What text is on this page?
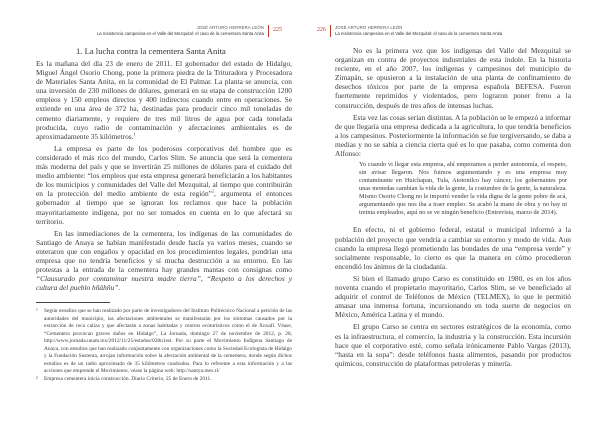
JOSÉ ARTURO HERRERA LEÓN
La resistencia campesina en el Valle del Mezquital: el caso de la cementera Santa Anita
225
1. La lucha contra la cementera Santa Anita

Es la mañana del día 23 de enero de 2011. El gobernador del estado de Hidalgo, Miguel Ángel Osorio Chong, pone la primera piedra de la Trituradora y Procesadora de Materiales Santa Anita, en la comunidad de El Palmar. La planta se anuncia, con una inversión de 230 millones de dólares, generará en su etapa de construcción 1200 empleos y 150 empleos directos y 400 indirectos cuando entre en operaciones. Se extiende en una área de 372 ha, destinadas para producir cinco mil toneladas de cemento diariamente, y requiere de tres mil litros de agua por cada tonelada producida, cuyo radio de contaminación y afectaciones ambientales es de aproximadamente 35 kilómetros.$^1$

La empresa es parte de los poderosos corporativos del hombre que es considerado el más rico del mundo, Carlos Slim. Se anuncia que será la cementera más moderna del país y que se invertirán 25 millones de dólares para el cuidado del medio ambiente: “los empleos que esta empresa generará beneficiarán a los habitantes de los municipios y comunidades del Valle del Mezquital, al tiempo que contribuirán en la protección del medio ambiente de esta región”$^2$, argumenta el entonces gobernador al tiempo que se ignoran los reclamos que hace la población mayoritariamente indígena, por no ser tomados en cuenta en lo que afectará su territorio.

En las inmediaciones de la cementera, los indígenas de las comunidades de Santiago de Anaya se habían manifestado desde hacía ya varios meses, cuando se enteraron que con engaños y opacidad en los procedimientos legales, pondrían una empresa que no tendría beneficios y sí mucha destrucción a su entorno. En las protestas a la entrada de la cementera hay grandes mantas con consignas como “Clausurado por contaminar nuestra madre tierra”, “Respeto a los derechos y cultura del pueblo hñähñu”.

1 Según estudios que se han realizado por parte de investigadores del Instituto Politécnico Nacional a petición de las autoridades del municipio, las afectaciones ambientales se manifestarán por los síntomas causados por la extracción de roca caliza y que afectarán a zonas habitadas y centros ecoturísticos como el de Xoxafí. Véase, “Cementera provocan graves daños en Hidalgo”, La Jornada, domingo 27 de noviembre de 2012, p. 28, http://www.jornada.unam.mx/2012/11/25/estados/028n1est. Por su parte el Movimiento Indígena Santiago de Anaya, con estudios que han realizado conjuntamente con organizaciones como la Sociedad Ecologista de Hidalgo y la Fundación Sustenta, arrojan información sobre la afectación ambiental de la cementera, donde según dichos estudios es de un radio aproximado de 35 kilómetros cuadrados. Para lo referente a esta información y a las acciones que emprende el Movimiento, véase la página web: http://santya.mex.tl/
2 Empresa cementera inicia construcción. Diario Criterio, 25 de Enero de 2011.
226 JOSÉ ARTURO HERRERA LEÓN
La resistencia campesina en el Valle del Mezquital: el caso de la cementera Santa Anita

No es la primera vez que los indígenas del Valle del Mezquital se organizan en contra de proyectos industriales de esta índole. En la historia reciente, en el año 2007, los indígenas y campesinos del municipio de Zimapán, se opusieron a la instalación de una planta de confinamiento de desechos tóxicos por parte de la empresa española BEFESA. Fueron fuertemente reprimidos y violentados, pero lograron poner freno a la construcción, después de tres años de intensas luchas.

Esta vez las cosas serían distintas. A la población se le empezó a informar de que llegaría una empresa dedicada a la agricultura, lo que tendría beneficios a los campesinos. Posteriormente la información se fue tergiversando, se daba a medias y no se sabía a ciencia cierta qué es lo que pasaba, como comenta don Alfonso:

Yo cuando vi llegar esta empresa, ahí empezamos a perder autonomía, el respeto, sin avisar llegaron. Nos fuimos argumentando y es una empresa muy contaminante en Huichapan, Tula, Atotonilco hay cáncer, los gobernantes por unas monedas cambian la vida de la gente, la costumbre de la gente, la naturaleza. Mismo Osorio Chong no le importó vender la vida digna de la gente pobre de acá, argumentando que nos iba a traer empleo. Se acabó la mano de obra y no hay ni treinta empleados, aquí no se ve ningún beneficio (Entrevista, marzo de 2014).

En efecto, ni el gobierno federal, estatal o municipal informó a la población del proyecto que vendría a cambiar su entorno y modo de vida. Aun cuando la empresa llegó prometiendo las bondades de una “empresa verde” y socialmente responsable, lo cierto es que la manera en cómo procedieron encendió los ánimos de la ciudadanía.

Si bien el llamado grupo Carso es constituido en 1980, es en los años noventa cuando el propietario mayoritario, Carlos Slim, se ve beneficiado al adquirir el control de Teléfonos de México (TELMEX), lo que le permitió amasar una inmensa fortuna, incursionando en toda suerte de negocios en México, América Latina y el mundo.

El grupo Carso se centra en sectores estratégicos de la economía, como es la infraestructura, el comercio, la industria y la construcción. Esta incursión hace que el corporativo esté, como señala irónicamente Pablo Vargas (2013), “hasta en la sopa”: desde teléfonos hasta alimentos, pasando por productos químicos, construcción de plataformas petroleras y minería.
